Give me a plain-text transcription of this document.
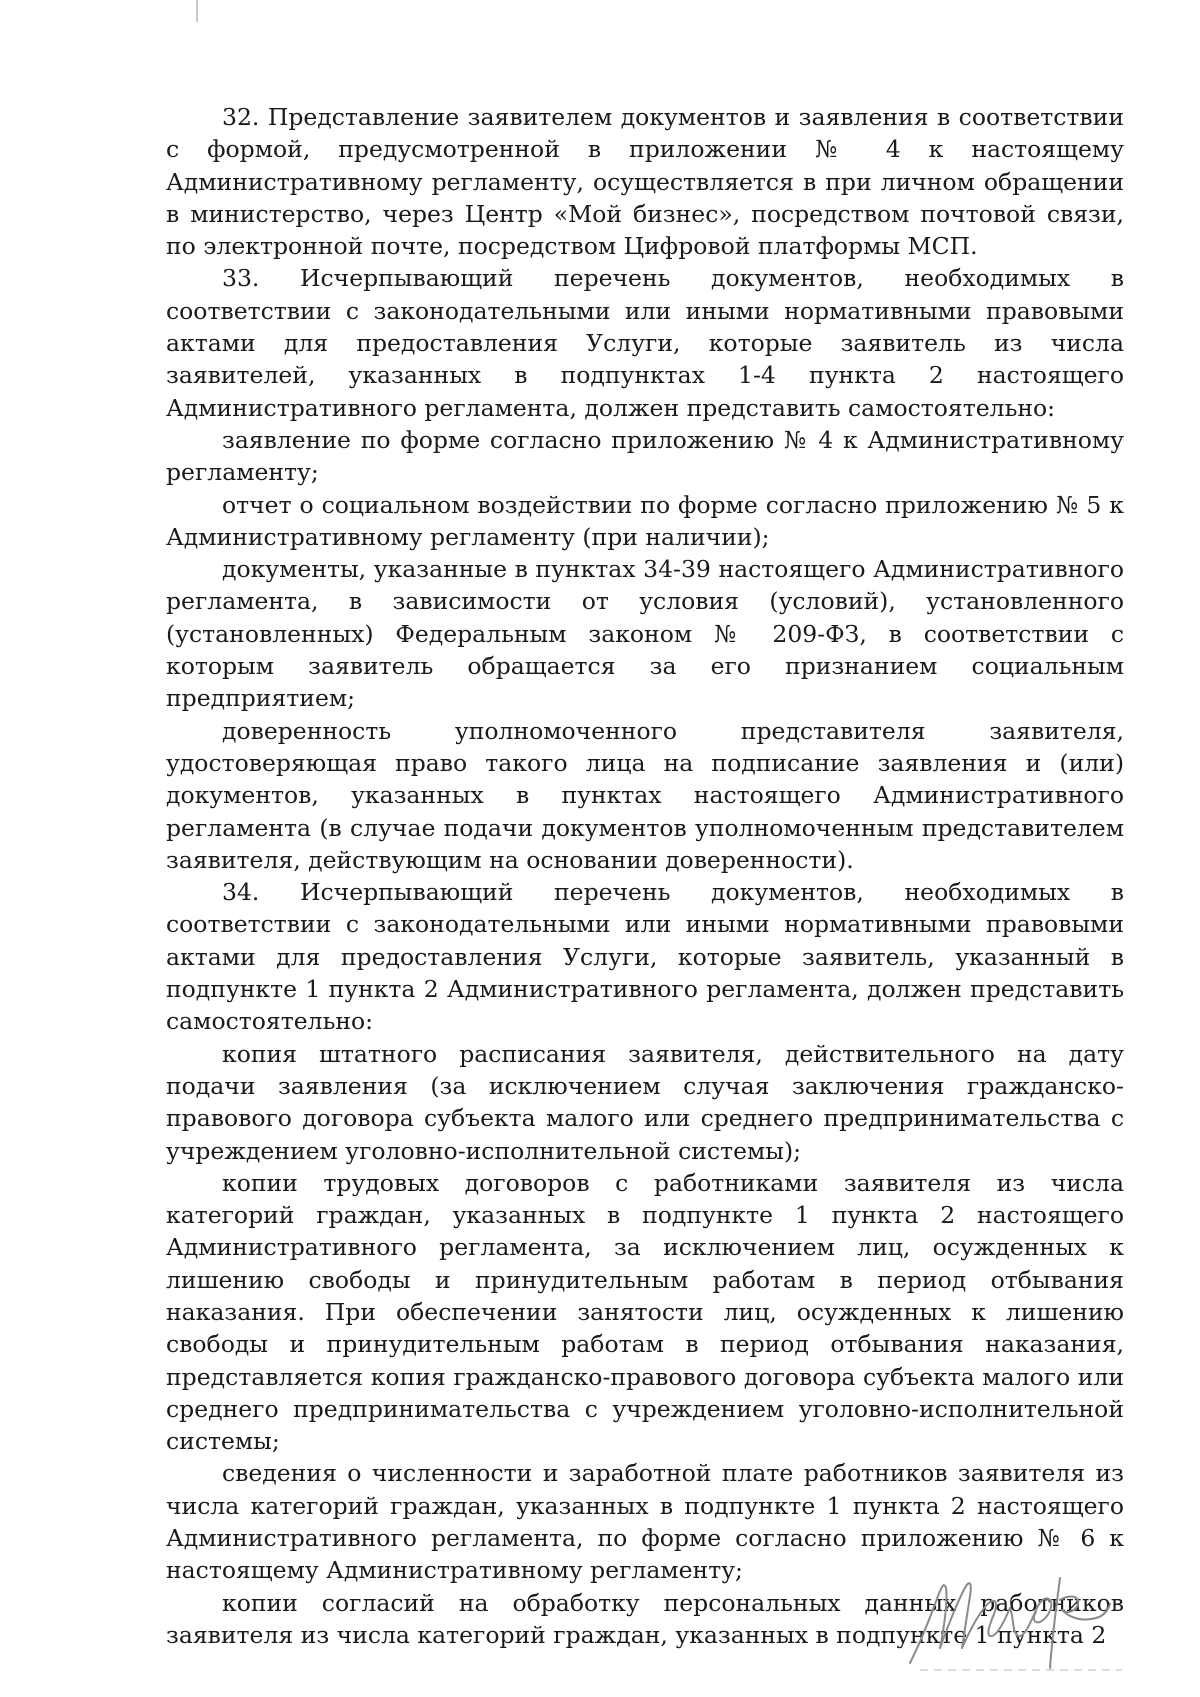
32. Представление заявителем документов и заявления в соответствии с формой, предусмотренной в приложении № 4 к настоящему Административному регламенту, осуществляется в при личном обращении в министерство, через Центр «Мой бизнес», посредством почтовой связи, по электронной почте, посредством Цифровой платформы МСП.

33. Исчерпывающий перечень документов, необходимых в соответствии с законодательными или иными нормативными правовыми актами для предоставления Услуги, которые заявитель из числа заявителей, указанных в подпунктах 1-4 пункта 2 настоящего Административного регламента, должен представить самостоятельно:

заявление по форме согласно приложению № 4 к Административному регламенту;

отчет о социальном воздействии по форме согласно приложению № 5 к Административному регламенту (при наличии);

документы, указанные в пунктах 34-39 настоящего Административного регламента, в зависимости от условия (условий), установленного (установленных) Федеральным законом № 209-ФЗ, в соответствии с которым заявитель обращается за его признанием социальным предприятием;

доверенность уполномоченного представителя заявителя, удостоверяющая право такого лица на подписание заявления и (или) документов, указанных в пунктах настоящего Административного регламента (в случае подачи документов уполномоченным представителем заявителя, действующим на основании доверенности).

34. Исчерпывающий перечень документов, необходимых в соответствии с законодательными или иными нормативными правовыми актами для предоставления Услуги, которые заявитель, указанный в подпункте 1 пункта 2 Административного регламента, должен представить самостоятельно:

копия штатного расписания заявителя, действительного на дату подачи заявления (за исключением случая заключения гражданско-правового договора субъекта малого или среднего предпринимательства с учреждением уголовно-исполнительной системы);

копии трудовых договоров с работниками заявителя из числа категорий граждан, указанных в подпункте 1 пункта 2 настоящего Административного регламента, за исключением лиц, осужденных к лишению свободы и принудительным работам в период отбывания наказания. При обеспечении занятости лиц, осужденных к лишению свободы и принудительным работам в период отбывания наказания, представляется копия гражданско-правового договора субъекта малого или среднего предпринимательства с учреждением уголовно-исполнительной системы;

сведения о численности и заработной плате работников заявителя из числа категорий граждан, указанных в подпункте 1 пункта 2 настоящего Административного регламента, по форме согласно приложению № 6 к настоящему Административному регламенту;

копии согласий на обработку персональных данных работников заявителя из числа категорий граждан, указанных в подпункте 1 пункта 2
